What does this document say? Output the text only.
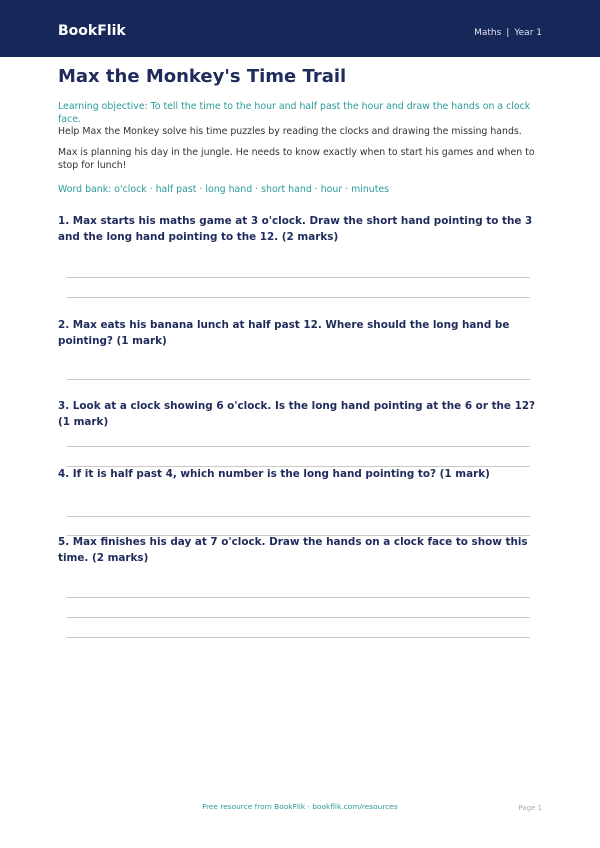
BookFlik	Maths | Year 1
Max the Monkey's Time Trail

Learning objective: To tell the time to the hour and half past the hour and draw the hands on a clock face.

Help Max the Monkey solve his time puzzles by reading the clocks and drawing the missing hands.

Max is planning his day in the jungle. He needs to know exactly when to start his games and when to stop for lunch!

Word bank: o'clock · half past · long hand · short hand · hour · minutes

1. Max starts his maths game at 3 o'clock. Draw the short hand pointing to the 3 and the long hand pointing to the 12. (2 marks)

2. Max eats his banana lunch at half past 12. Where should the long hand be pointing? (1 mark)

3. Look at a clock showing 6 o'clock. Is the long hand pointing at the 6 or the 12? (1 mark)

4. If it is half past 4, which number is the long hand pointing to? (1 mark)

5. Max finishes his day at 7 o'clock. Draw the hands on a clock face to show this time. (2 marks)

Free resource from BookFlik · bookflik.com/resources	Page 1
